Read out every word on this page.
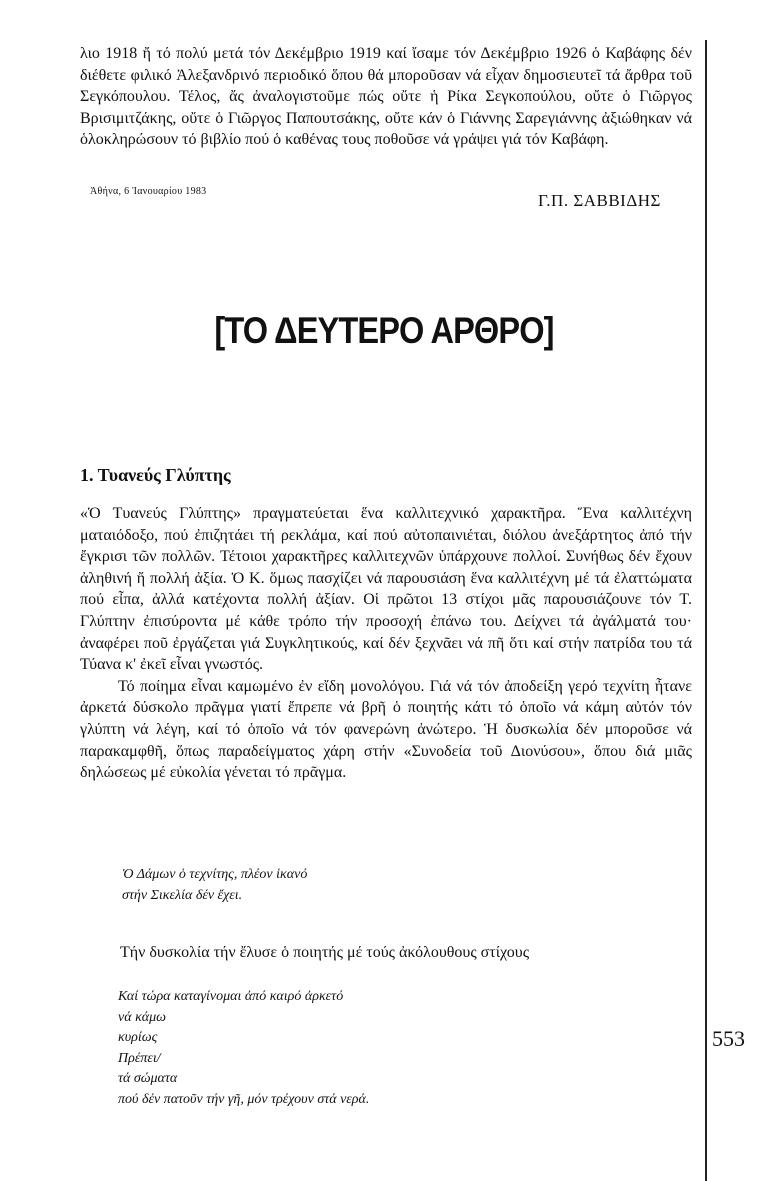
λιο 1918 ἤ τό πολύ μετά τόν Δεκέμβριο 1919 καί ἴσαμε τόν Δεκέμβριο 1926 ὁ Καβάφης δέν διέθετε φιλικό Ἀλεξανδρινό περιοδικό ὅπου θά μποροῦσαν νά εἶχαν δημοσιευτεῖ τά ἄρθρα τοῦ Σεγκόπουλου. Τέλος, ἄς ἀναλογιστοῦμε πώς οὔτε ἡ Ρίκα Σεγκοπούλου, οὔτε ὁ Γιῶργος Βρισιμιτζάκης, οὔτε ὁ Γιῶργος Παπουτσάκης, οὔτε κάν ὁ Γιάννης Σαρεγιάννης ἀξιώθηκαν νά ὁλοκληρώσουν τό βιβλίο πού ὁ καθένας τους ποθοῦσε νά γράψει γιά τόν Καβάφη.

Ἀθήνα, 6 Ἰανουαρίου 1983	Γ.Π. ΣΑΒΒΙΔΗΣ
[ΤΟ ΔΕΥΤΕΡΟ ΑΡΘΡΟ]
1. Τυανεύς Γλύπτης

«Ὁ Τυανεύς Γλύπτης» πραγματεύεται ἕνα καλλιτεχνικό χαρακτῆρα. Ἕνα καλλιτέχνη ματαιόδοξο, πού ἐπιζητάει τή ρεκλάμα, καί πού αὐτοπαινιέται, διόλου ἀνεξάρτητος ἀπό τήν ἔγκρισι τῶν πολλῶν. Τέτοιοι χαρακτῆρες καλλιτεχνῶν ὑπάρχουνε πολλοί. Συνήθως δέν ἔχουν ἀληθινή ἤ πολλή ἀξία. Ὁ Κ. ὅμως πασχίζει νά παρουσιάση ἕνα καλλιτέχνη μέ τά ἐλαττώματα πού εἶπα, ἀλλά κατέχοντα πολλή ἀξίαν. Οἱ πρῶτοι 13 στίχοι μᾶς παρουσιάζουνε τόν Τ. Γλύπτην ἐπισύροντα μέ κάθε τρόπο τήν προσοχή ἐπάνω του. Δείχνει τά ἀγάλματά του· ἀναφέρει ποῦ ἐργάζεται γιά Συγκλητικούς, καί δέν ξεχνᾶει νά πῆ ὅτι καί στήν πατρίδα του τά Τύανα κ' ἐκεῖ εἶναι γνωστός.

Τό ποίημα εἶναι καμωμένο ἐν εἴδη μονολόγου. Γιά νά τόν ἀποδείξη γερό τεχνίτη ἦτανε ἀρκετά δύσκολο πρᾶγμα γιατί ἔπρεπε νά βρῆ ὁ ποιητής κάτι τό ὁποῖο νά κάμη αὐτόν τόν γλύπτη νά λέγη, καί τό ὁποῖο νά τόν φανερώνη ἀνώτερο. Ἡ δυσκωλία δέν μποροῦσε νά παρακαμφθῆ, ὅπως παραδείγματος χάρη στήν «Συνοδεία τοῦ Διονύσου», ὅπου διά μιᾶς δηλώσεως μέ εὐκολία γένεται τό πρᾶγμα.

Ὁ Δάμων ὁ τεχνίτης, πλέον ἱκανό
στήν Σικελία δέν ἔχει.
Τήν δυσκολία τήν ἔλυσε ὁ ποιητής μέ τούς ἀκόλουθους στίχους
Καί τώρα καταγίνομαι ἀπό καιρό ἀρκετό
νά κάμω
κυρίως
Πρέπει/
τά σώματα
πού δέν πατοῦν τήν γῆ, μόν τρέχουν στά νερά.
553
